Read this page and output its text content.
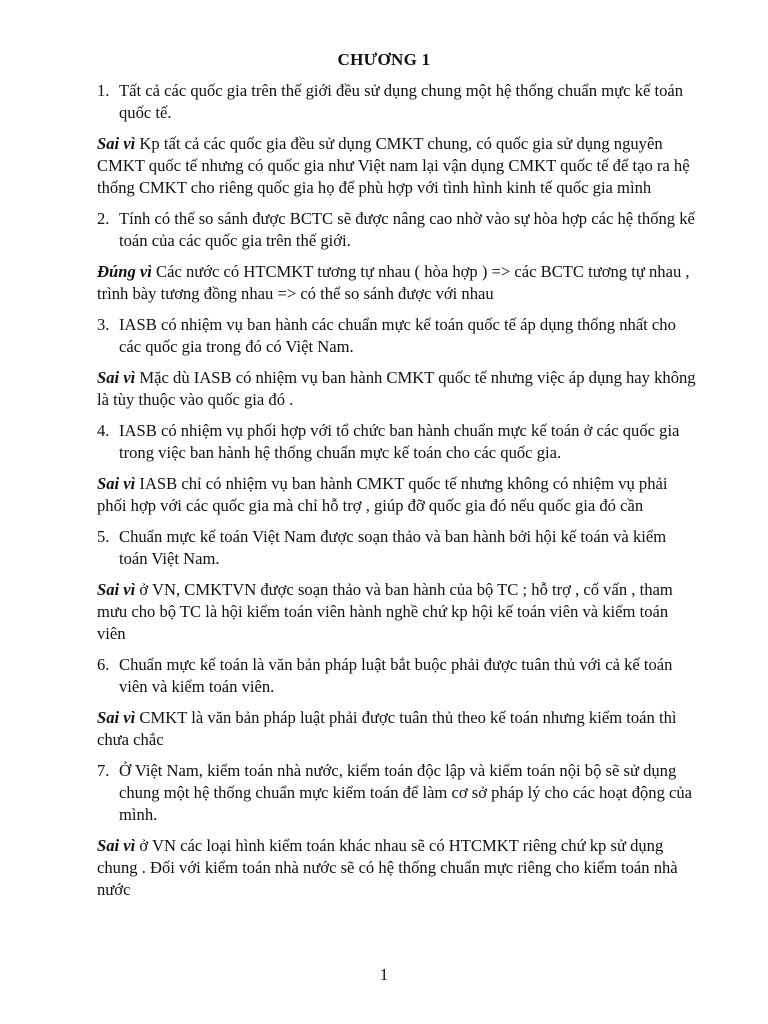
CHƯƠNG 1
1. Tất cả các quốc gia trên thế giới đều sử dụng chung một hệ thống chuẩn mực kế toán quốc tế.
Sai vì Kp tất cả các quốc gia đều sử dụng CMKT chung, có quốc gia sử dụng nguyên CMKT quốc tế nhưng có quốc gia như Việt nam lại vận dụng CMKT quốc tế để tạo ra hệ thống CMKT cho riêng quốc gia họ để phù hợp với tình hình kinh tế quốc gia mình
2. Tính có thể so sánh được BCTC sẽ được nâng cao nhờ vào sự hòa hợp các hệ thống kế toán của các quốc gia trên thế giới.
Đúng vì Các nước có HTCMKT tương tự nhau ( hòa hợp ) => các BCTC tương tự nhau , trình bày tương đồng nhau => có thể so sánh được với nhau
3. IASB có nhiệm vụ ban hành các chuẩn mực kế toán quốc tế áp dụng thống nhất cho các quốc gia trong đó có Việt Nam.
Sai vì Mặc dù IASB có nhiệm vụ ban hành CMKT quốc tế nhưng việc áp dụng hay không là tùy thuộc vào quốc gia đó .
4. IASB có nhiệm vụ phối hợp với tổ chức ban hành chuẩn mực kế toán ở các quốc gia trong việc ban hành hệ thống chuẩn mực kế toán cho các quốc gia.
Sai vì IASB chỉ có nhiệm vụ ban hành CMKT quốc tế nhưng không có nhiệm vụ phải phối hợp với các quốc gia mà chỉ hỗ trợ , giúp đỡ quốc gia đó nếu quốc gia đó cần
5. Chuẩn mực kế toán Việt Nam được soạn thảo và ban hành bởi hội kế toán và kiểm toán Việt Nam.
Sai vì ở VN, CMKTVN được soạn thảo và ban hành của bộ TC ; hỗ trợ , cố vấn , tham mưu cho bộ TC là hội kiểm toán viên hành nghề chứ kp hội kế toán viên và kiểm toán viên
6. Chuẩn mực kế toán là văn bản pháp luật bắt buộc phải được tuân thủ với cả kế toán viên và kiểm toán viên.
Sai vì CMKT là văn bản pháp luật phải được tuân thủ theo kế toán nhưng kiểm toán thì chưa chắc
7. Ở Việt Nam, kiểm toán nhà nước, kiểm toán độc lập và kiểm toán nội bộ sẽ sử dụng chung một hệ thống chuẩn mực kiểm toán để làm cơ sở pháp lý cho các hoạt động của mình.
Sai vì ở VN các loại hình kiểm toán khác nhau sẽ có HTCMKT riêng chứ kp sử dụng chung . Đối với kiểm toán nhà nước sẽ có hệ thống chuẩn mực riêng cho kiểm toán nhà nước
1
